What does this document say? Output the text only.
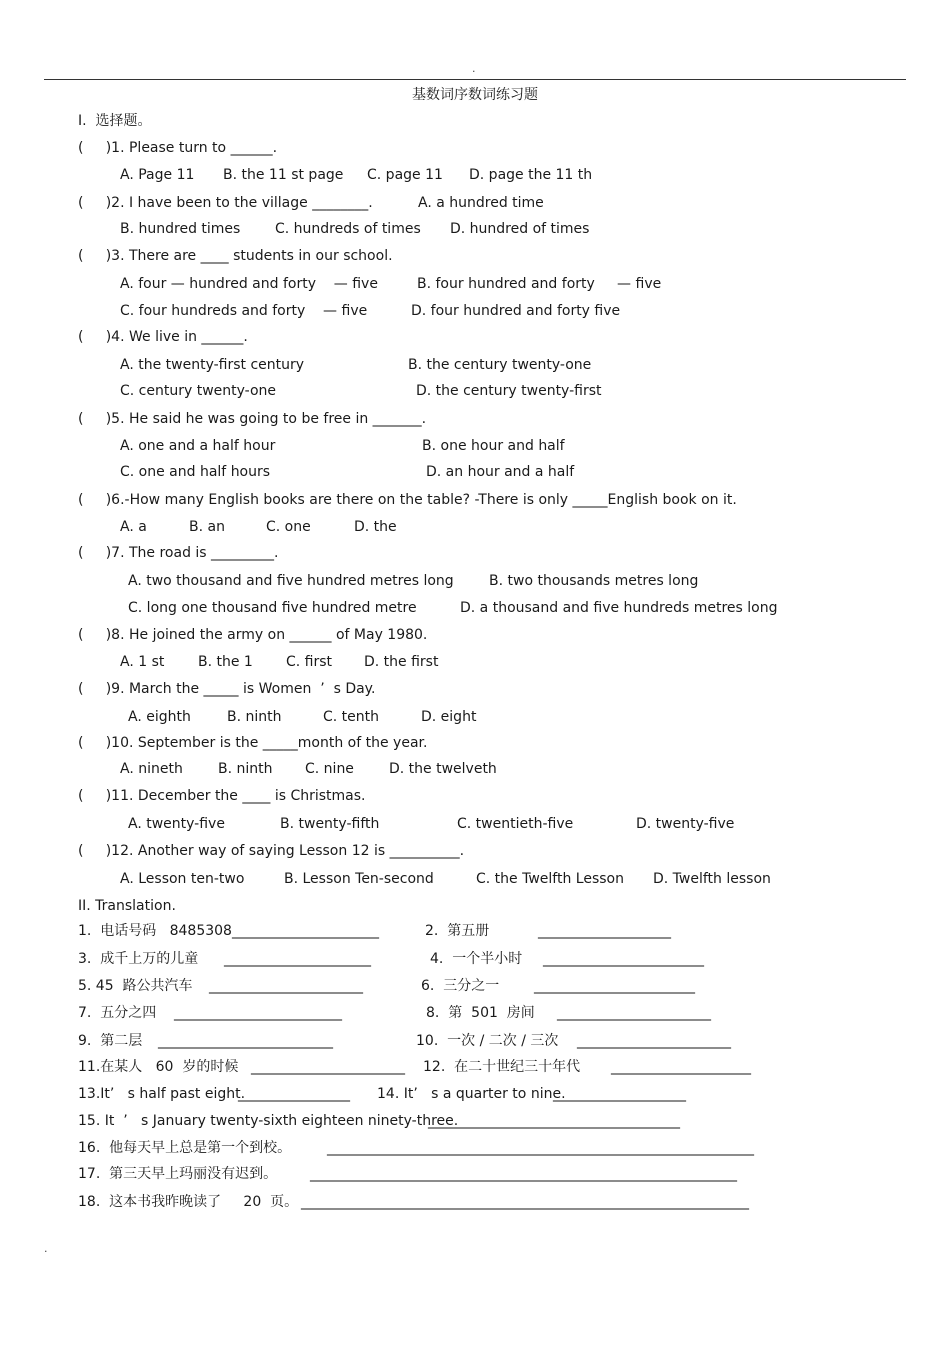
.
基数词序数词练习题
I.  选择题。
(     )1. Please turn to ______.
A. Page 11 B. the 11 st page C. page 11 D. page the 11 th
(     )2. I have been to the village ________.	A. a hundred time
B. hundred times C. hundreds of times D. hundred of times
(     )3. There are ____ students in our school.
A. four — hundred and forty    — five	B. four hundred and forty     — five
C. four hundreds and forty    — five	D. four hundred and forty five
(     )4. We live in ______.
A. the twenty-first century	B. the century twenty-one
C. century twenty-one	D. the century twenty-first
(     )5. He said he was going to be free in _______.
A. one and a half hour	B. one hour and half
C. one and half hours	D. an hour and a half
(     )6.-How many English books are there on the table? -There is only _____English book on it.
A. a	B. an	C. one	D. the
(     )7. The road is _________.
A. two thousand and five hundred metres long	B. two thousands metres long
C. long one thousand five hundred metre	D. a thousand and five hundreds metres long
(     )8. He joined the army on ______ of May 1980.
A. 1 st B. the 1 C. first D. the first
(     )9. March the _____ is Women  ’  s Day.
A. eighth	B. ninth	C. tenth	D. eight
(     )10. September is the _____month of the year.
A. nineth	B. ninth C. nine	D. the twelveth
(     )11. December the ____ is Christmas.
A. twenty-five	B. twenty-fifth	C. twentieth-five	D. twenty-five
(     )12. Another way of saying Lesson 12 is __________.
A. Lesson ten-two	B. Lesson Ten-second	C. the Twelfth Lesson D. Twelfth lesson
II. Translation.
1.  电话号码   8485308 _____________________	2.  第五册	___________________
3.  成千上万的儿童 _____________________	4.  一个半小时 _______________________
5. 45  路公共汽车 ______________________	6.  三分之一 _______________________
7.  五分之四 ________________________	8.  第  501  房间 ______________________
9.  第二层 _________________________	10.  一次 / 二次 / 三次 ______________________
11.在某人   60  岁的时候 ______________________ 12.  在二十世纪三十年代 ____________________
13.It’   s half past eight.
________________ 14. It’   s a quarter to nine.
___________________
15. It  ’   s January twenty-sixth eighteen ninety-three.
____________________________________
16.  他每天早上总是第一个到校。	_____________________________________________________________
17.  第三天早上玛丽没有迟到。 _____________________________________________________________
18.  这本书我昨晚读了     20  页。 ________________________________________________________________
.
